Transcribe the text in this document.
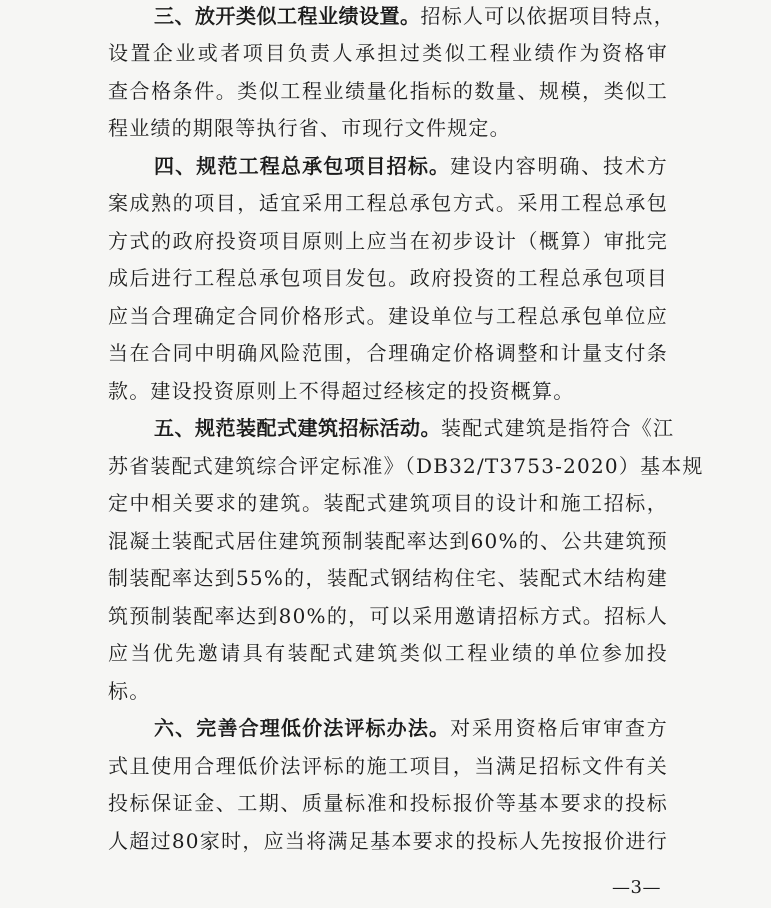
三、放开类似工程业绩设置。招标人可以依据项目特点，
设置企业或者项目负责人承担过类似工程业绩作为资格审
查合格条件。类似工程业绩量化指标的数量、规模，类似工
程业绩的期限等执行省、市现行文件规定。
四、规范工程总承包项目招标。建设内容明确、技术方
案成熟的项目，适宜采用工程总承包方式。采用工程总承包
方式的政府投资项目原则上应当在初步设计（概算）审批完
成后进行工程总承包项目发包。政府投资的工程总承包项目
应当合理确定合同价格形式。建设单位与工程总承包单位应
当在合同中明确风险范围，合理确定价格调整和计量支付条
款。建设投资原则上不得超过经核定的投资概算。
五、规范装配式建筑招标活动。装配式建筑是指符合《江
苏省装配式建筑综合评定标准》（DB32/T3753-2020）基本规
定中相关要求的建筑。装配式建筑项目的设计和施工招标，
混凝土装配式居住建筑预制装配率达到60%的、公共建筑预
制装配率达到55%的，装配式钢结构住宅、装配式木结构建
筑预制装配率达到80%的，可以采用邀请招标方式。招标人
应当优先邀请具有装配式建筑类似工程业绩的单位参加投
标。
六、完善合理低价法评标办法。对采用资格后审审查方
式且使用合理低价法评标的施工项目，当满足招标文件有关
投标保证金、工期、质量标准和投标报价等基本要求的投标
人超过80家时，应当将满足基本要求的投标人先按报价进行
—3—
